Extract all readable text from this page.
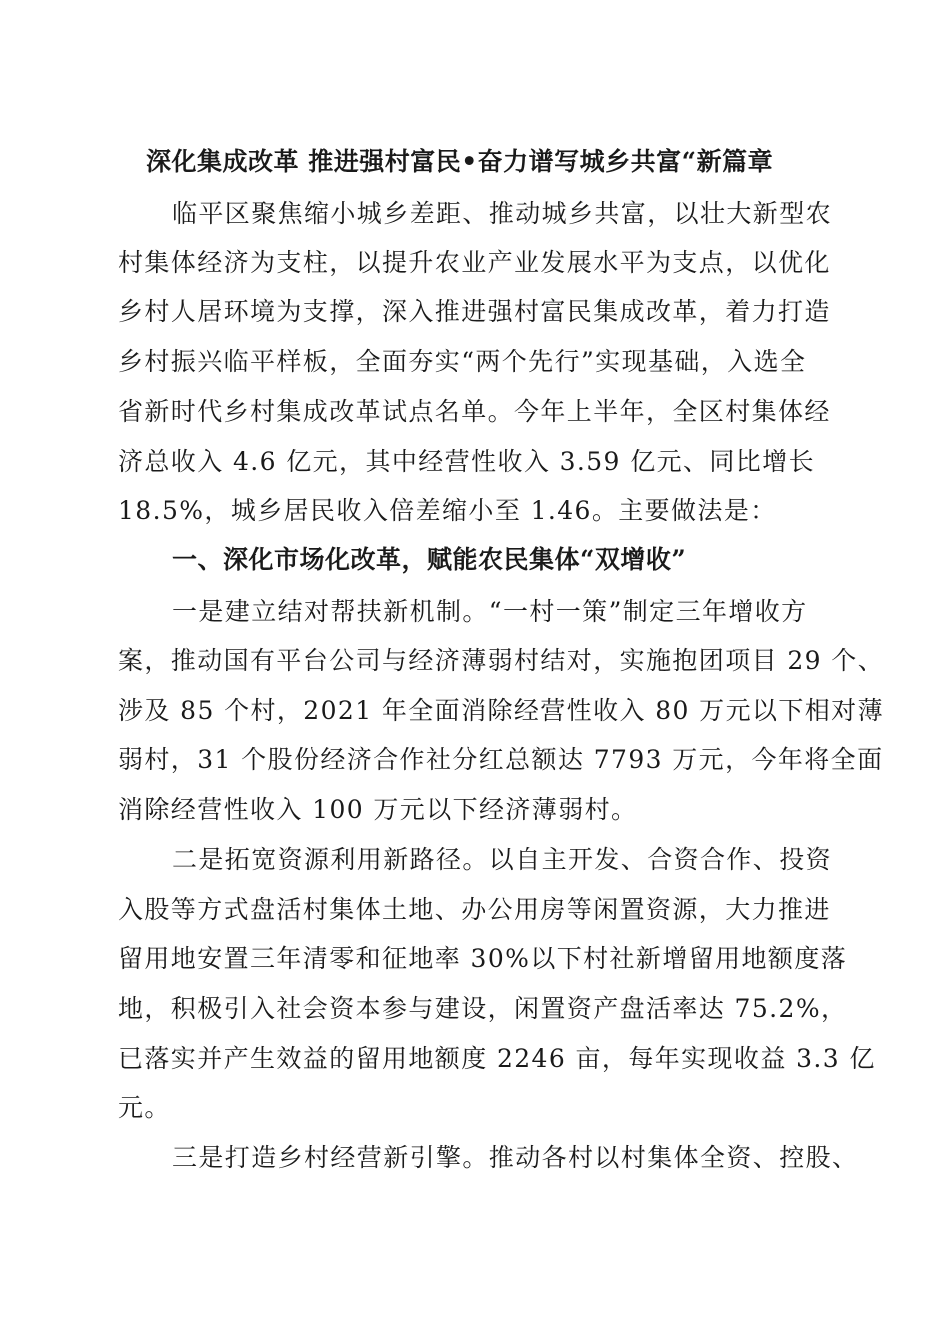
深化集成改革 推进强村富民•奋力谱写城乡共富“新篇章
临平区聚焦缩小城乡差距、推动城乡共富，以壮大新型农
村集体经济为支柱，以提升农业产业发展水平为支点，以优化
乡村人居环境为支撑，深入推进强村富民集成改革，着力打造
乡村振兴临平样板，全面夯实“两个先行”实现基础，入选全
省新时代乡村集成改革试点名单。今年上半年，全区村集体经
济总收入 4.6 亿元，其中经营性收入 3.59 亿元、同比增长
18.5%，城乡居民收入倍差缩小至 1.46。主要做法是：
一、深化市场化改革，赋能农民集体“双增收”
一是建立结对帮扶新机制。“一村一策”制定三年增收方
案，推动国有平台公司与经济薄弱村结对，实施抱团项目 29 个、
涉及 85 个村，2021 年全面消除经营性收入 80 万元以下相对薄
弱村，31 个股份经济合作社分红总额达 7793 万元，今年将全面
消除经营性收入 100 万元以下经济薄弱村。
二是拓宽资源利用新路径。以自主开发、合资合作、投资
入股等方式盘活村集体土地、办公用房等闲置资源，大力推进
留用地安置三年清零和征地率 30%以下村社新增留用地额度落
地，积极引入社会资本参与建设，闲置资产盘活率达 75.2%，
已落实并产生效益的留用地额度 2246 亩，每年实现收益 3.3 亿
元。
三是打造乡村经营新引擎。推动各村以村集体全资、控股、
